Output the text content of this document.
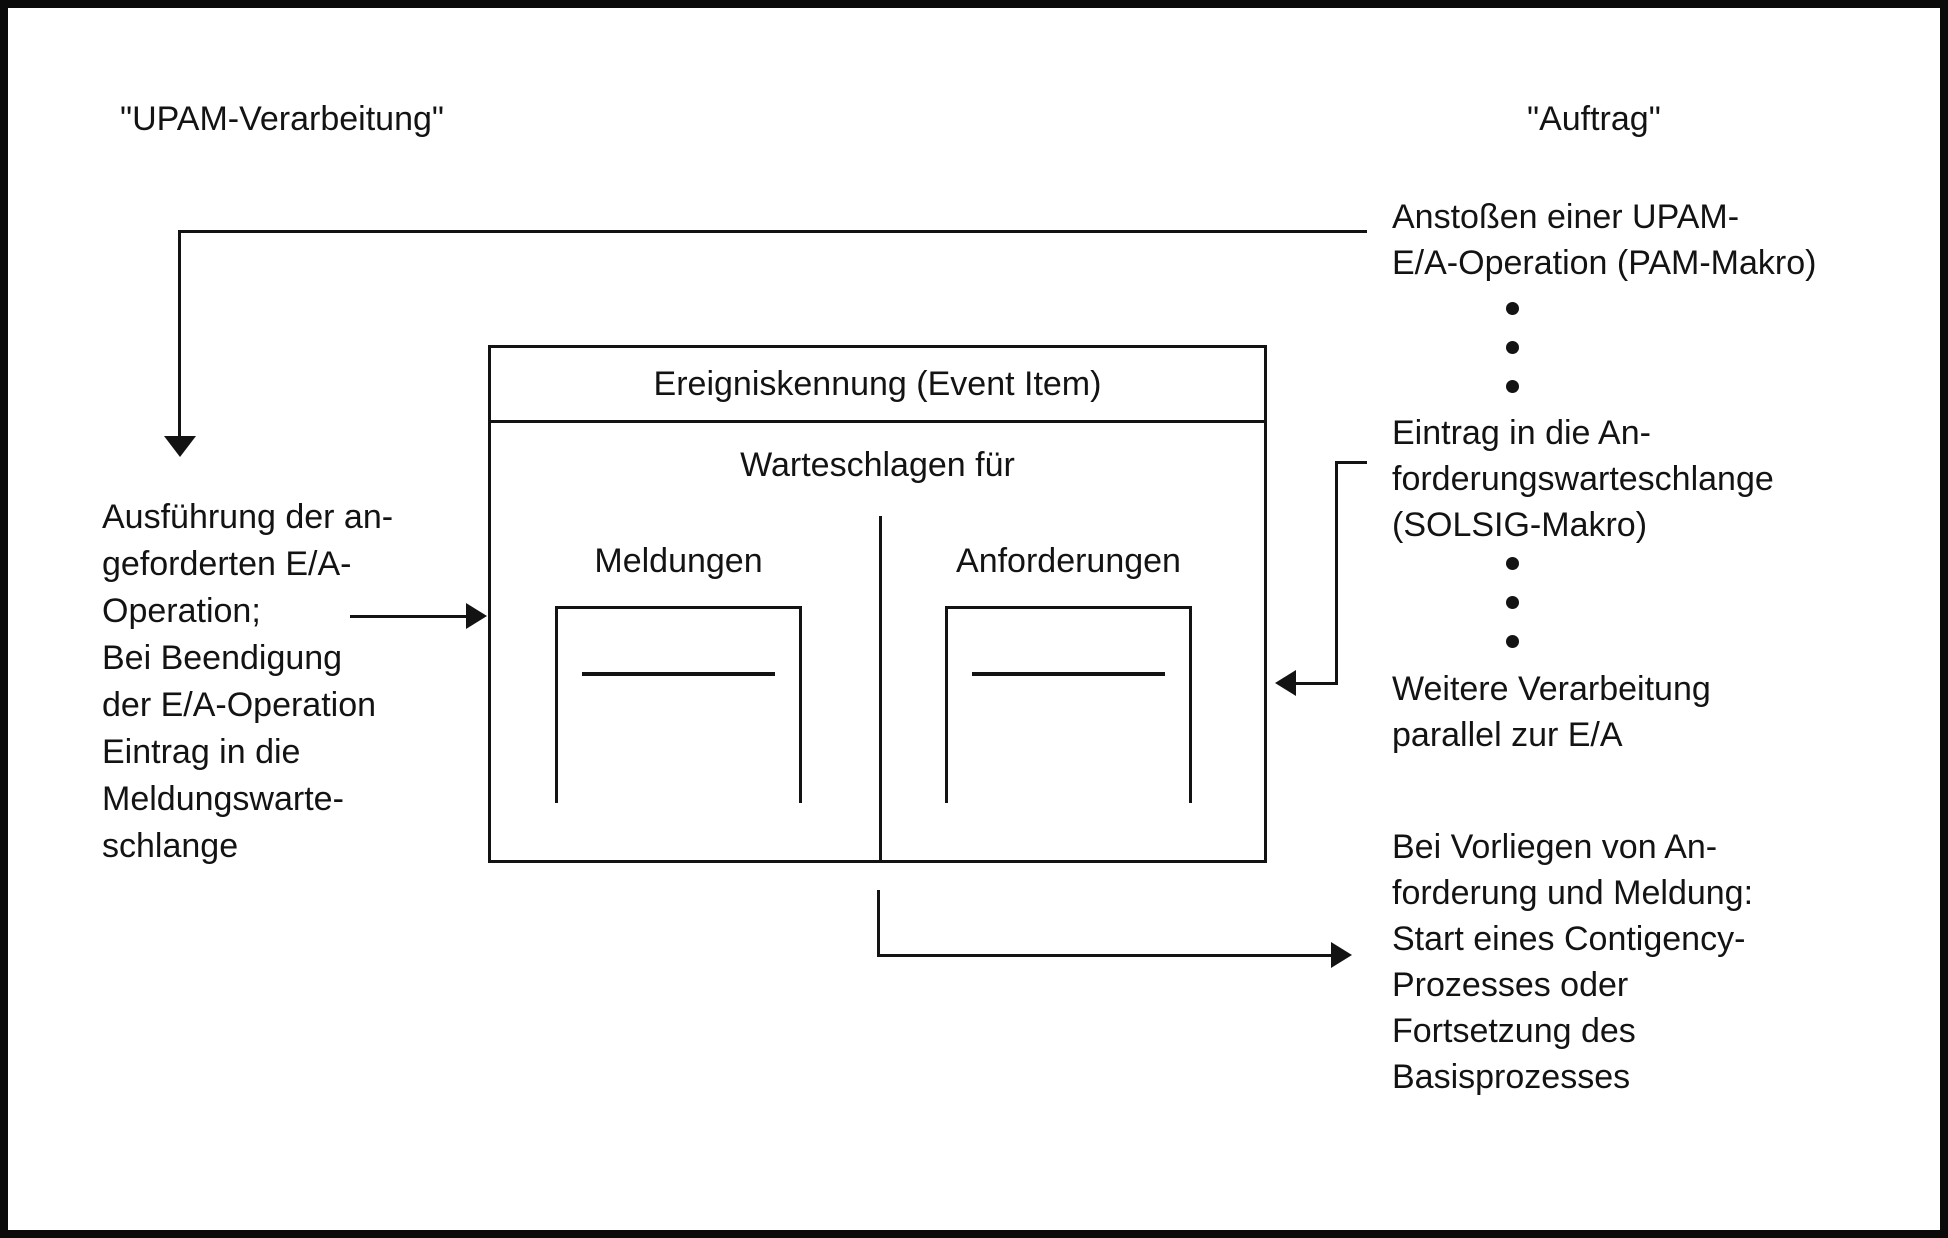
"UPAM-Verarbeitung"	"Auftrag"
Ausführung der an-
geforderten E/A-
Operation;
Bei Beendigung
der E/A-Operation
Eintrag in die
Meldungswarte-
schlange
Ereigniskennung (Event Item)
Warteschlagen für
Meldungen	Anforderungen
Anstoßen einer UPAM-
E/A-Operation (PAM-Makro)
Eintrag in die An-
forderungswarteschlange
(SOLSIG-Makro)
Weitere Verarbeitung
parallel zur E/A
Bei Vorliegen von An-
forderung und Meldung:
Start eines Contigency-
Prozesses oder
Fortsetzung des
Basisprozesses
